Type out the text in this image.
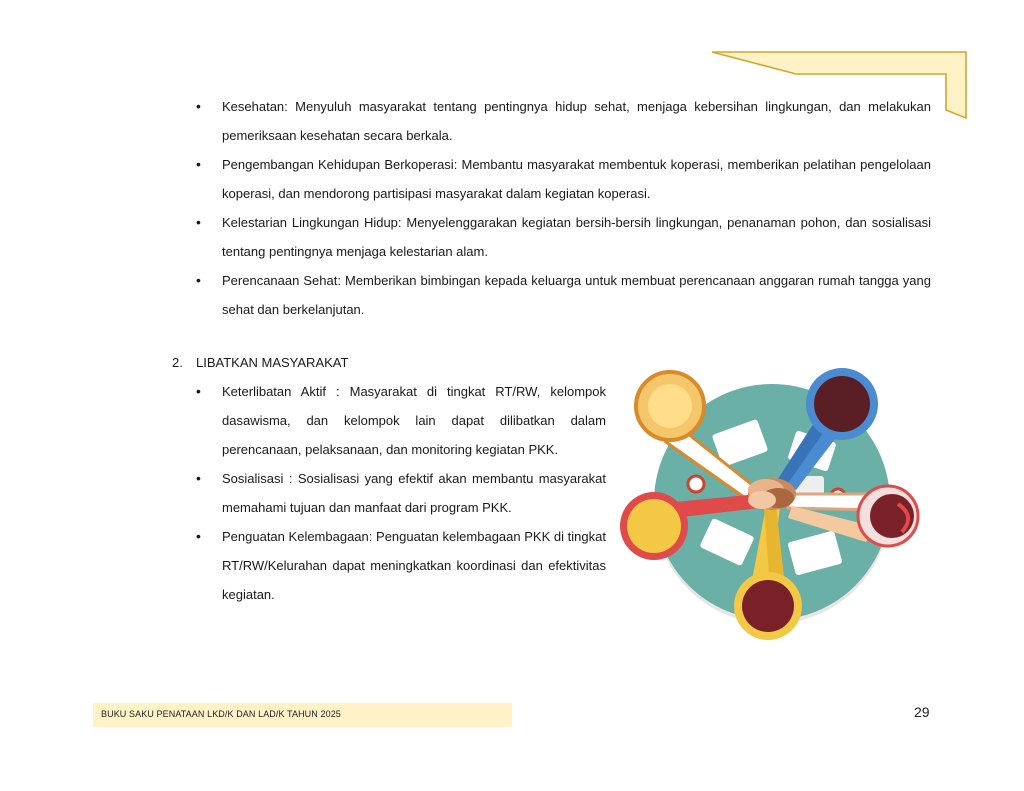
• Kesehatan: Menyuluh masyarakat tentang pentingnya hidup sehat, menjaga kebersihan lingkungan, dan melakukan pemeriksaan kesehatan secara berkala.
• Pengembangan Kehidupan Berkoperasi: Membantu masyarakat membentuk koperasi, memberikan pelatihan pengelolaan koperasi, dan mendorong partisipasi masyarakat dalam kegiatan koperasi.
• Kelestarian Lingkungan Hidup: Menyelenggarakan kegiatan bersih-bersih lingkungan, penanaman pohon, dan sosialisasi tentang pentingnya menjaga kelestarian alam.
• Perencanaan Sehat: Memberikan bimbingan kepada keluarga untuk membuat perencanaan anggaran rumah tangga yang sehat dan berkelanjutan.
2. LIBATKAN MASYARAKAT
• Keterlibatan Aktif : Masyarakat di tingkat RT/RW, kelompok dasawisma, dan kelompok lain dapat dilibatkan dalam perencanaan, pelaksanaan, dan monitoring kegiatan PKK.
• Sosialisasi : Sosialisasi yang efektif akan membantu masyarakat memahami tujuan dan manfaat dari program PKK.
• Penguatan Kelembagaan: Penguatan kelembagaan PKK di tingkat RT/RW/Kelurahan dapat meningkatkan koordinasi dan efektivitas kegiatan.
BUKU SAKU PENATAAN LKD/K DAN LAD/K TAHUN 2025	29
